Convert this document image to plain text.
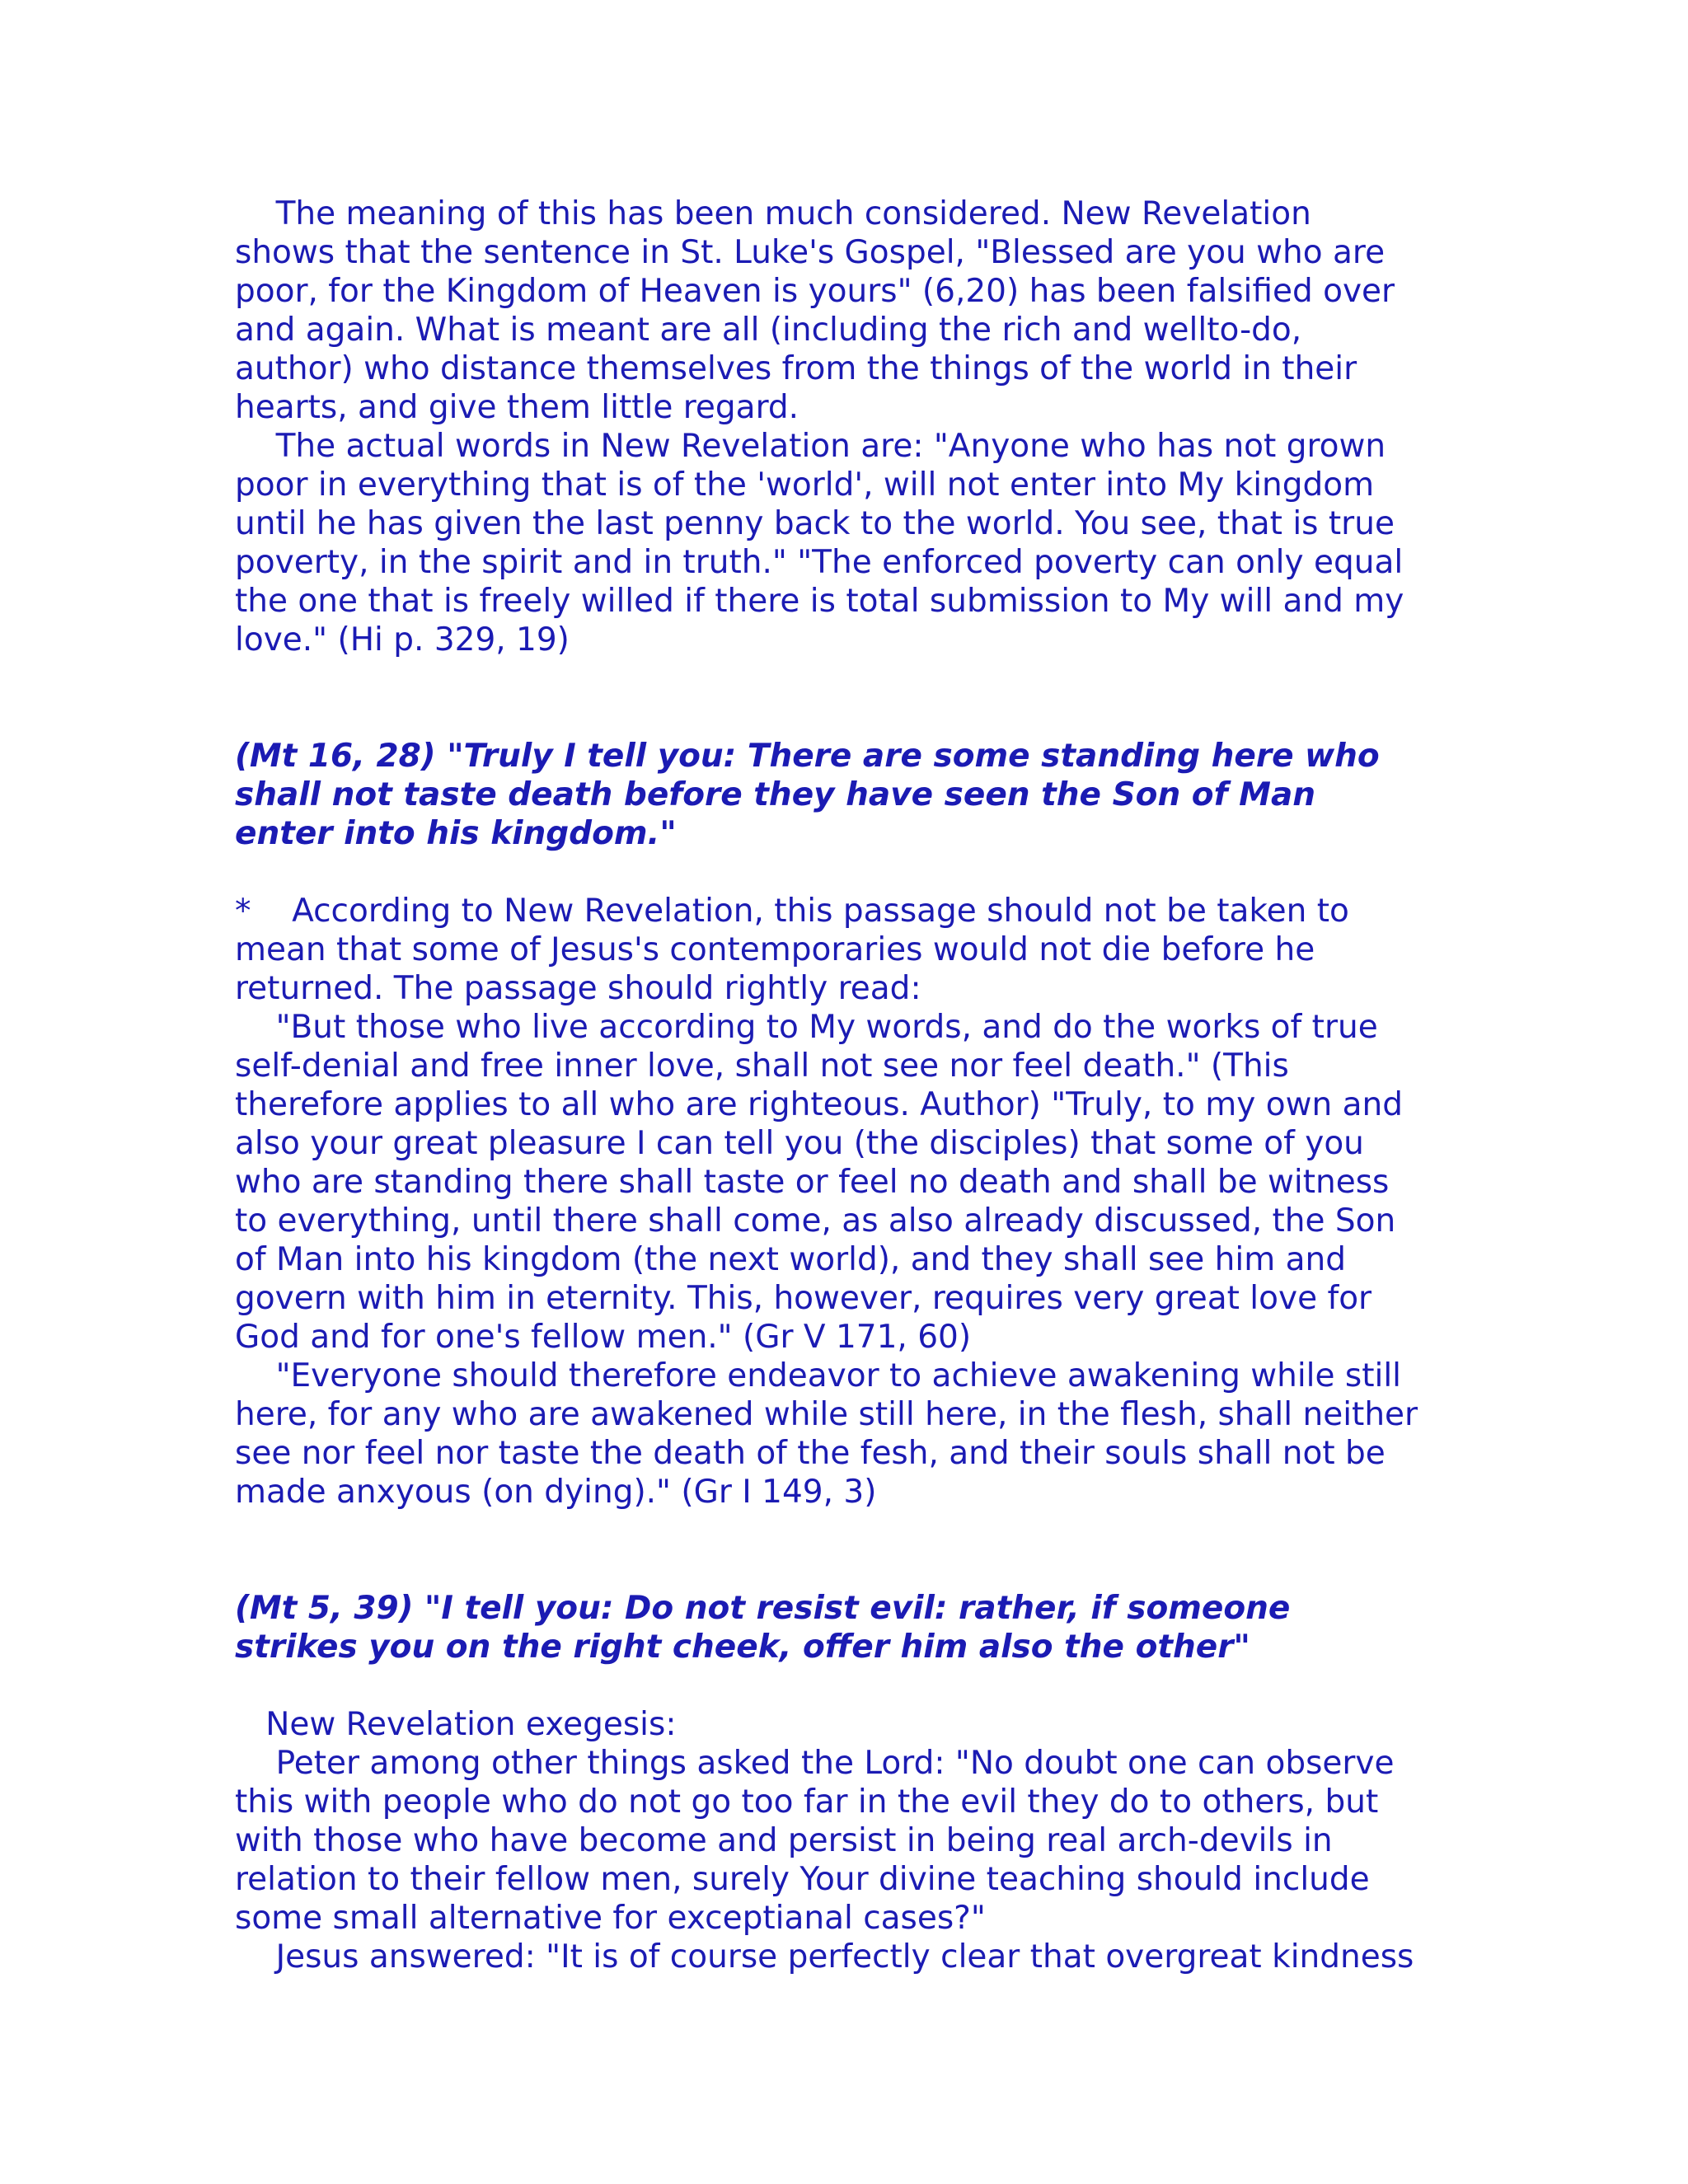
The meaning of this has been much considered. New Revelation
shows that the sentence in St. Luke's Gospel, "Blessed are you who are
poor, for the Kingdom of Heaven is yours" (6,20) has been falsified over
and again. What is meant are all (including the rich and wellto-do,
author) who distance themselves from the things of the world in their
hearts, and give them little regard.

The actual words in New Revelation are: "Anyone who has not grown
poor in everything that is of the 'world', will not enter into My kingdom
until he has given the last penny back to the world. You see, that is true
poverty, in the spirit and in truth." "The enforced poverty can only equal
the one that is freely willed if there is total submission to My will and my
love." (Hi p. 329, 19)

(Mt 16, 28) "Truly I tell you: There are some standing here who
shall not taste death before they have seen the Son of Man
enter into his kingdom."

*    According to New Revelation, this passage should not be taken to
mean that some of Jesus's contemporaries would not die before he
returned. The passage should rightly read:

"But those who live according to My words, and do the works of true
self-denial and free inner love, shall not see nor feel death." (This
therefore applies to all who are righteous. Author) "Truly, to my own and
also your great pleasure I can tell you (the disciples) that some of you
who are standing there shall taste or feel no death and shall be witness
to everything, until there shall come, as also already discussed, the Son
of Man into his kingdom (the next world), and they shall see him and
govern with him in eternity. This, however, requires very great love for
God and for one's fellow men." (Gr V 171, 60)

"Everyone should therefore endeavor to achieve awakening while still
here, for any who are awakened while still here, in the flesh, shall neither
see nor feel nor taste the death of the fesh, and their souls shall not be
made anxyous (on dying)." (Gr I 149, 3)

(Mt 5, 39) "I tell you: Do not resist evil: rather, if someone
strikes you on the right cheek, offer him also the other"

New Revelation exegesis:

Peter among other things asked the Lord: "No doubt one can observe
this with people who do not go too far in the evil they do to others, but
with those who have become and persist in being real arch-devils in
relation to their fellow men, surely Your divine teaching should include
some small alternative for exceptianal cases?"

Jesus answered: "It is of course perfectly clear that overgreat kindness
